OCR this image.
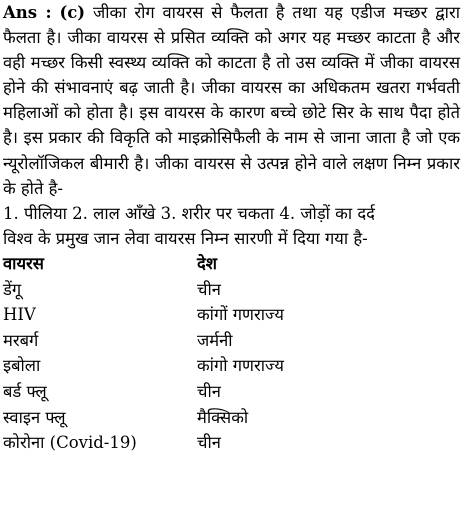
Ans : (c) जीका रोग वायरस से फैलता है तथा यह एडीज मच्छर द्वारा फैलता है। जीका वायरस से प्रसित व्यक्ति को अगर यह मच्छर काटता है और वही मच्छर किसी स्वस्थ्य व्यक्ति को काटता है तो उस व्यक्ति में जीका वायरस होने की संभावनाएं बढ़ जाती है। जीका वायरस का अधिकतम खतरा गर्भवती महिलाओं को होता है। इस वायरस के कारण बच्चे छोटे सिर के साथ पैदा होते है। इस प्रकार की विकृति को माइक्रोसिफैली के नाम से जाना जाता है जो एक न्यूरोलॉजिकल बीमारी है। जीका वायरस से उत्पन्न होने वाले लक्षण निम्न प्रकार के होते है-

1. पीलिया 2. लाल आँखे 3. शरीर पर चकता 4. जोड़ों का दर्द

विश्व के प्रमुख जान लेवा वायरस निम्न सारणी में दिया गया है-

वायरस	देश
डेंगू	चीन
HIV	कांगों गणराज्य
मरबर्ग	जर्मनी
इबोला	कांगो गणराज्य
बर्ड फ्लू	चीन
स्वाइन फ्लू	मैक्सिको
कोरोना (Covid-19)	चीन
